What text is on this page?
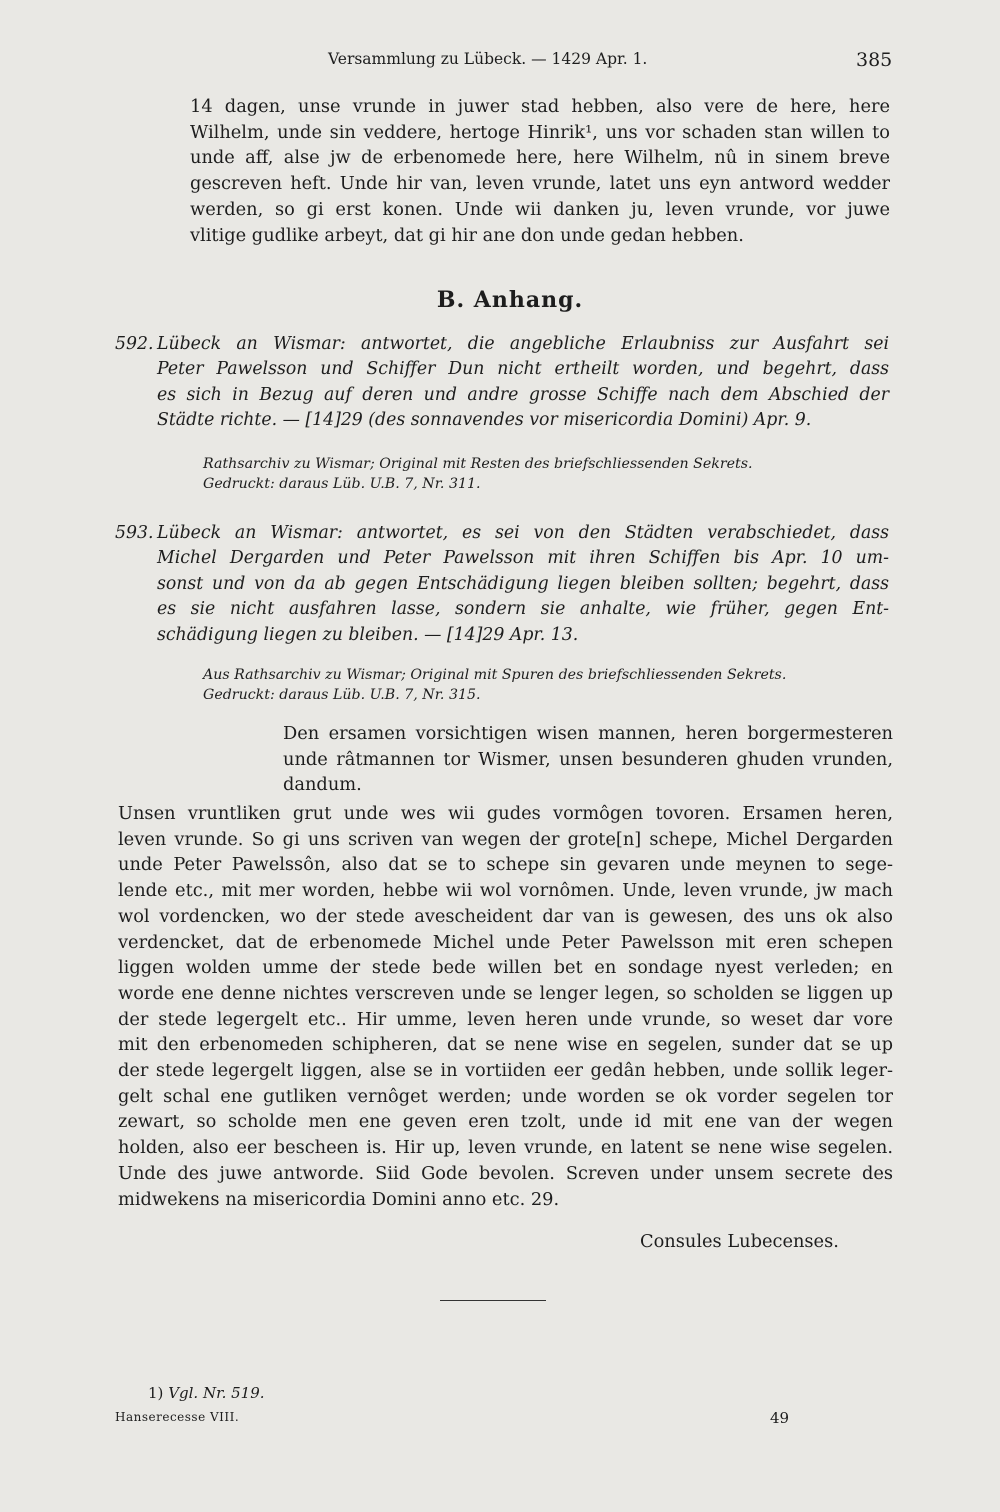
Versammlung zu Lübeck. — 1429 Apr. 1.	385
14 dagen, unse vrunde in juwer stad hebben, also vere de here, here
Wilhelm, unde sin veddere, hertoge Hinrik¹, uns vor schaden stan willen to
unde aff, alse jw de erbenomede here, here Wilhelm, nû in sinem breve
gescreven heft. Unde hir van, leven vrunde, latet uns eyn antword wedder
werden, so gi erst konen. Unde wii danken ju, leven vrunde, vor juwe
vlitige gudlike arbeyt, dat gi hir ane don unde gedan hebben.
B. Anhang.
592. Lübeck an Wismar: antwortet, die angebliche Erlaubniss zur Ausfahrt sei
Peter Pawelsson und Schiffer Dun nicht ertheilt worden, und begehrt, dass
es sich in Bezug auf deren und andre grosse Schiffe nach dem Abschied der
Städte richte. — [14]29 (des sonnavendes vor misericordia Domini) Apr. 9.
Rathsarchiv zu Wismar; Original mit Resten des briefschliessenden Sekrets.
Gedruckt: daraus Lüb. U.B. 7, Nr. 311.
593. Lübeck an Wismar: antwortet, es sei von den Städten verabschiedet, dass
Michel Dergarden und Peter Pawelsson mit ihren Schiffen bis Apr. 10 um-
sonst und von da ab gegen Entschädigung liegen bleiben sollten; begehrt, dass
es sie nicht ausfahren lasse, sondern sie anhalte, wie früher, gegen Ent-
schädigung liegen zu bleiben. — [14]29 Apr. 13.
Aus Rathsarchiv zu Wismar; Original mit Spuren des briefschliessenden Sekrets.
Gedruckt: daraus Lüb. U.B. 7, Nr. 315.
Den ersamen vorsichtigen wisen mannen, heren borgermesteren
unde râtmannen tor Wismer, unsen besunderen ghuden vrunden,
dandum.
Unsen vruntliken grut unde wes wii gudes vormôgen tovoren. Ersamen heren,
leven vrunde. So gi uns scriven van wegen der grote[n] schepe, Michel Dergarden
unde Peter Pawelssôn, also dat se to schepe sin gevaren unde meynen to sege-
lende etc., mit mer worden, hebbe wii wol vornômen. Unde, leven vrunde, jw mach
wol vordencken, wo der stede avescheident dar van is gewesen, des uns ok also
verdencket, dat de erbenomede Michel unde Peter Pawelsson mit eren schepen
liggen wolden umme der stede bede willen bet en sondage nyest verleden; en
worde ene denne nichtes verscreven unde se lenger legen, so scholden se liggen up
der stede legergelt etc.. Hir umme, leven heren unde vrunde, so weset dar vore
mit den erbenomeden schipheren, dat se nene wise en segelen, sunder dat se up
der stede legergelt liggen, alse se in vortiiden eer gedân hebben, unde sollik leger-
gelt schal ene gutliken vernôget werden; unde worden se ok vorder segelen tor
zewart, so scholde men ene geven eren tzolt, unde id mit ene van der wegen
holden, also eer bescheen is. Hir up, leven vrunde, en latent se nene wise segelen.
Unde des juwe antworde. Siid Gode bevolen. Screven under unsem secrete des
midwekens na misericordia Domini anno etc. 29.
Consules Lubecenses.
1) Vgl. Nr. 519.
Hanserecesse VIII.	49
